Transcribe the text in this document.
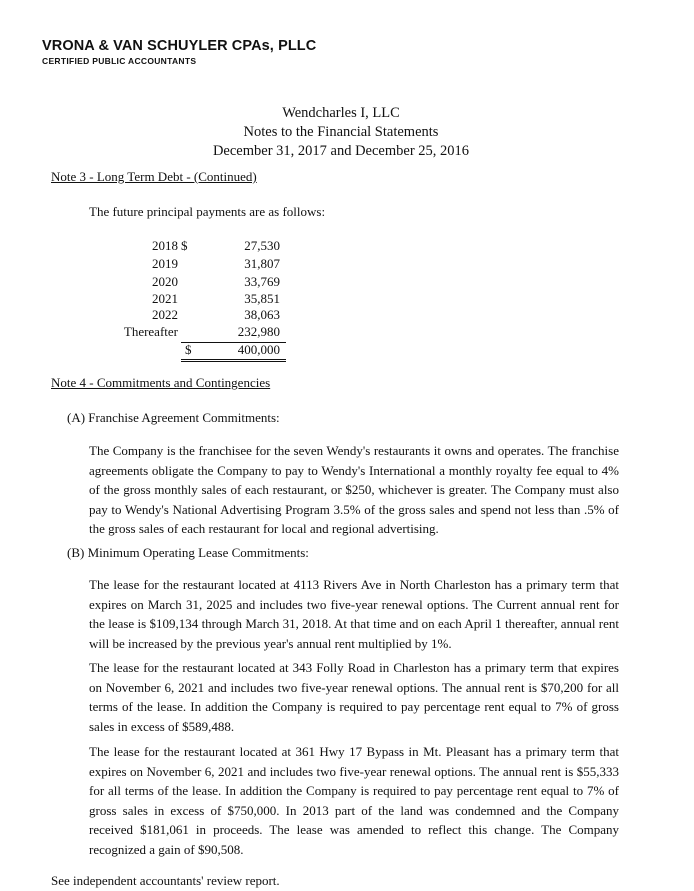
VRONA & VAN SCHUYLER CPAs, PLLC
CERTIFIED PUBLIC ACCOUNTANTS
Wendcharles I, LLC
Notes to the Financial Statements
December 31, 2017 and December 25, 2016
Note 3 - Long Term Debt - (Continued)
The future principal payments are as follows:
2018 $	27,530
2019	31,807
2020	33,769
2021	35,851
2022	38,063
Thereafter	232,980
$	400,000
Note 4 - Commitments and Contingencies
(A) Franchise Agreement Commitments:
The Company is the franchisee for the seven Wendy's restaurants it owns and operates. The franchise agreements obligate the Company to pay to Wendy's International a monthly royalty fee equal to 4% of the gross monthly sales of each restaurant, or $250, whichever is greater. The Company must also pay to Wendy's National Advertising Program 3.5% of the gross sales and spend not less than .5% of the gross sales of each restaurant for local and regional advertising.
(B) Minimum Operating Lease Commitments:
The lease for the restaurant located at 4113 Rivers Ave in North Charleston has a primary term that expires on March 31, 2025 and includes two five-year renewal options. The Current annual rent for the lease is $109,134 through March 31, 2018. At that time and on each April 1 thereafter, annual rent will be increased by the previous year's annual rent multiplied by 1%.
The lease for the restaurant located at 343 Folly Road in Charleston has a primary term that expires on November 6, 2021 and includes two five-year renewal options. The annual rent is $70,200 for all terms of the lease. In addition the Company is required to pay percentage rent equal to 7% of gross sales in excess of $589,488.
The lease for the restaurant located at 361 Hwy 17 Bypass in Mt. Pleasant has a primary term that expires on November 6, 2021 and includes two five-year renewal options. The annual rent is $55,333 for all terms of the lease. In addition the Company is required to pay percentage rent equal to 7% of gross sales in excess of $750,000. In 2013 part of the land was condemned and the Company received $181,061 in proceeds. The lease was amended to reflect this change. The Company recognized a gain of $90,508.
See independent accountants' review report.
